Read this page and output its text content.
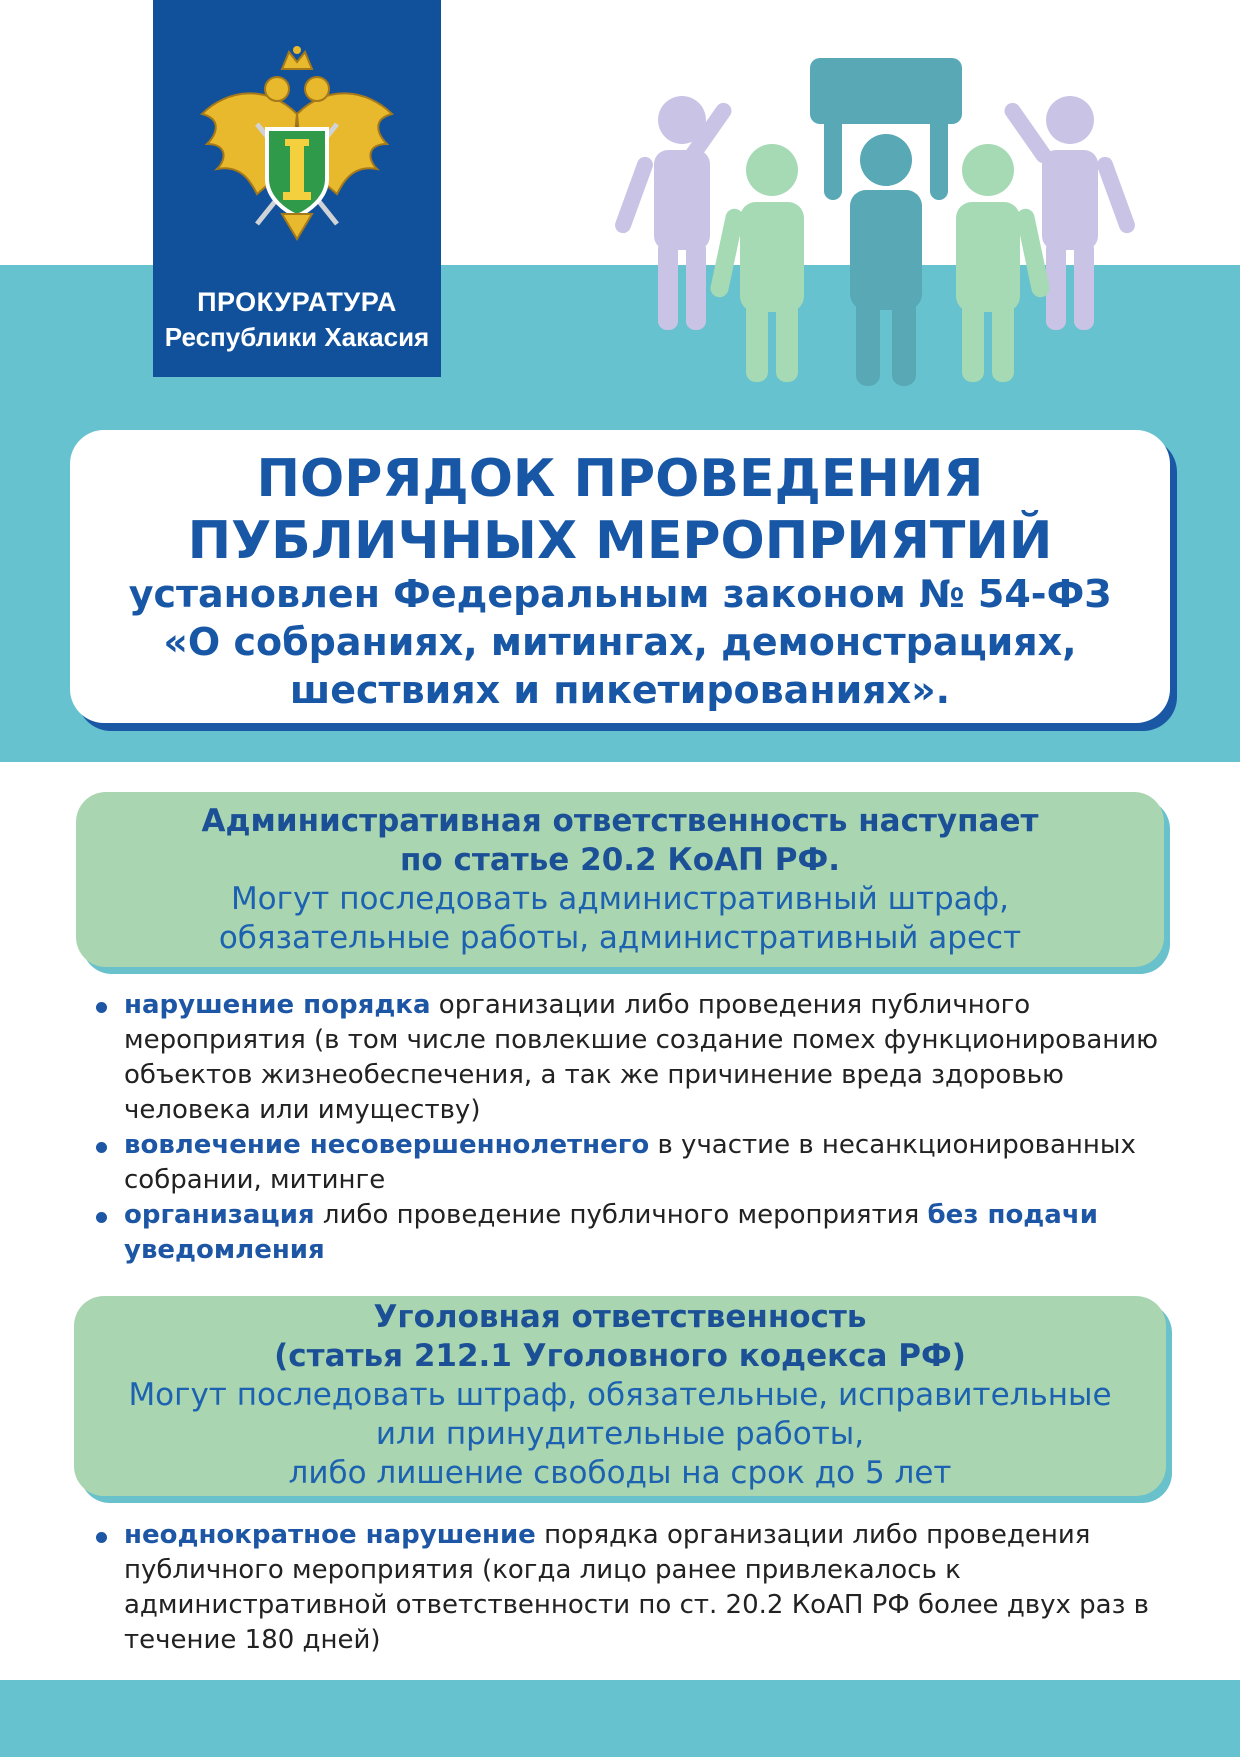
ПРОКУРАТУРА
Республики Хакасия
ПОРЯДОК ПРОВЕДЕНИЯ
ПУБЛИЧНЫХ МЕРОПРИЯТИЙ
установлен Федеральным законом № 54-ФЗ
«О собраниях, митингах, демонстрациях,
шествиях и пикетированиях».
Административная ответственность наступает
по статье 20.2 КоАП РФ.
Могут последовать административный штраф,
обязательные работы, административный арест
нарушение порядка организации либо проведения публичного мероприятия (в том числе повлекшие создание помех функционированию объектов жизнеобеспечения, а так же причинение вреда здоровью человека или имуществу)
вовлечение несовершеннолетнего в участие в несанкционированных собрании, митинге
организация либо проведение публичного мероприятия без подачи уведомления
Уголовная ответственность
(статья 212.1 Уголовного кодекса РФ)
Могут последовать штраф, обязательные, исправительные
или принудительные работы,
либо лишение свободы на срок до 5 лет
неоднократное нарушение порядка организации либо проведения публичного мероприятия (когда лицо ранее привлекалось к административной ответственности по ст. 20.2 КоАП РФ более двух раз в течение 180 дней)
